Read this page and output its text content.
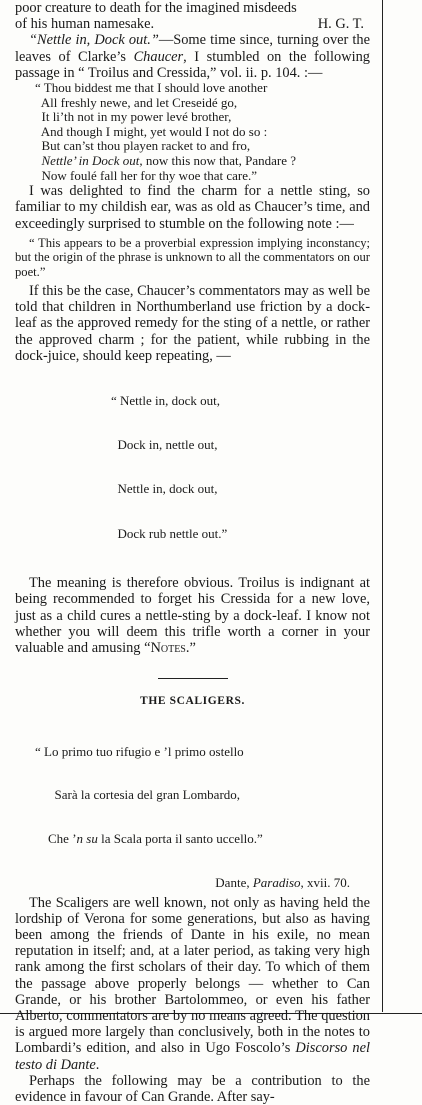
poor creature to death for the imagined misdeeds

of his human namesake.	H. G. T.

“Nettle in, Dock out.”—Some time since, turning over the leaves of Clarke’s Chaucer, I stumbled on the following passage in “ Troilus and Cressida,” vol. ii. p. 104. :—

“ Thou biddest me that I should love another
All freshly newe, and let Creseidé go,
It li’th not in my power levé brother,
And though I might, yet would I not do so :
But can’st thou playen racket to and fro,
Nettle’ in Dock out, now this now that, Pandare ?
Now foulé fall her for thy woe that care.”

I was delighted to find the charm for a nettle sting, so familiar to my childish ear, was as old as Chaucer’s time, and exceedingly surprised to stumble on the following note :—

“ This appears to be a proverbial expression implying inconstancy; but the origin of the phrase is unknown to all the commentators on our poet.”

If this be the case, Chaucer’s commentators may as well be told that children in Northumberland use friction by a dock-leaf as the approved remedy for the sting of a nettle, or rather the approved charm ; for the patient, while rubbing in the dock-juice, should keep repeating, —

“ Nettle in, dock out,

Dock in, nettle out,

Nettle in, dock out,

Dock rub nettle out.”

The meaning is therefore obvious. Troilus is indignant at being recommended to forget his Cressida for a new love, just as a child cures a nettle-sting by a dock-leaf. I know not whether you will deem this trifle worth a corner in your valuable and amusing “Notes.”

THE SCALIGERS.

“ Lo primo tuo rifugio e ’l primo ostello

Sarà la cortesia del gran Lombardo,

Che ’n su la Scala porta il santo uccello.”

Dante, Paradiso, xvii. 70.

The Scaligers are well known, not only as having held the lordship of Verona for some generations, but also as having been among the friends of Dante in his exile, no mean reputation in itself; and, at a later period, as taking very high rank among the first scholars of their day. To which of them the passage above properly belongs — whether to Can Grande, or his brother Bartolommeo, or even his father Alberto, commentators are by no means agreed. The question is argued more largely than conclusively, both in the notes to Lombardi’s edition, and also in Ugo Foscolo’s Discorso nel testo di Dante.

Perhaps the following may be a contribution to the evidence in favour of Can Grande. After say-
